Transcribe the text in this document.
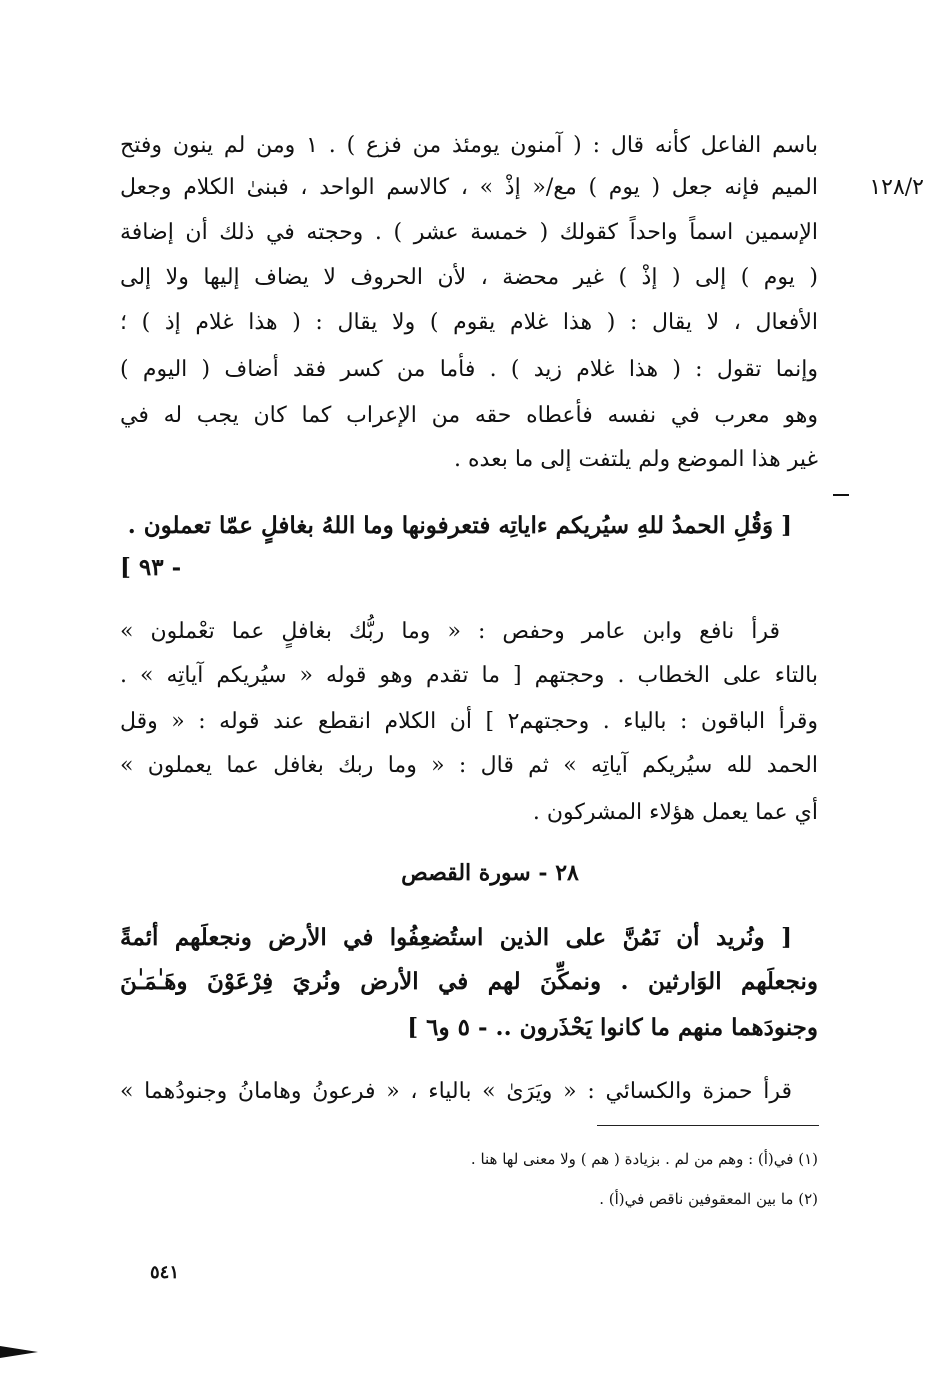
١٢٨/٢
باسم الفاعل كأنه قال : ( آمنون يومئذ من فزع ) . ١ ومن لم ينون وفتح
الميم فإنه جعل ( يوم ) مع/« إذْ » ، كالاسم الواحد ، فبنىٰ الكلام وجعل
الإسمين اسماً واحداً كقولك ( خمسة عشر ) . وحجته في ذلك أن إضافة
( يوم ) إلى ( إذْ ) غير محضة ، لأن الحروف لا يضاف إليها ولا إلى
الأفعال ، لا يقال : ( هذا غلام يقوم ) ولا يقال : ( هذا غلام إذ ) ؛
وإنما تقول : ( هذا غلام زيد ) . فأما من كسر فقد أضاف ( اليوم )
وهو معرب في نفسه فأعطاه حقه من الإعراب كما كان يجب له في
غير هذا الموضع ولم يلتفت إلى ما بعده .
[ وَقُلِ الحمدُ للهِ سيُريكم ءاياتِه فتعرفونها وما اللهُ بغافلٍ عمّا تعملون .
- ٩٣ ]
قرأ نافع وابن عامر وحفص : « وما ربُّك بغافلٍ عما تعْملون »
بالتاء على الخطاب . وحجتهم [ ما تقدم وهو قوله « سيُريكم آياتِه » .
وقرأ الباقون : بالياء . وحجتهم٢ ] أن الكلام انقطع عند قوله : « وقل
الحمد لله سيُريكم آياتِه » ثم قال : « وما ربك بغافل عما يعملون »
أي عما يعمل هؤلاء المشركون .
٢٨ - سورة القصص
[ ونُريد أن نَمُنَّ على الذين استُضعِفُوا في الأرض ونجعلَهم أئمةً
ونجعلَهم الوَارثين . ونمكِّنَ لهم في الأرض ونُريَ فِرْعَوْنَ وهَـٰمَـٰنَ
وجنودَهما منهم ما كانوا يَحْذَرون .. - ٥ و٦ ]
قرأ حمزة والكسائي : « ويَرَىٰ » بالياء ، « فرعونُ وهامانُ وجنودُهما »
(١) في(أ) : وهم من لم . بزيادة ( هم ) ولا معنى لها هنا .
(٢) ما بين المعقوفين ناقص في(أ) .
٥٤١
